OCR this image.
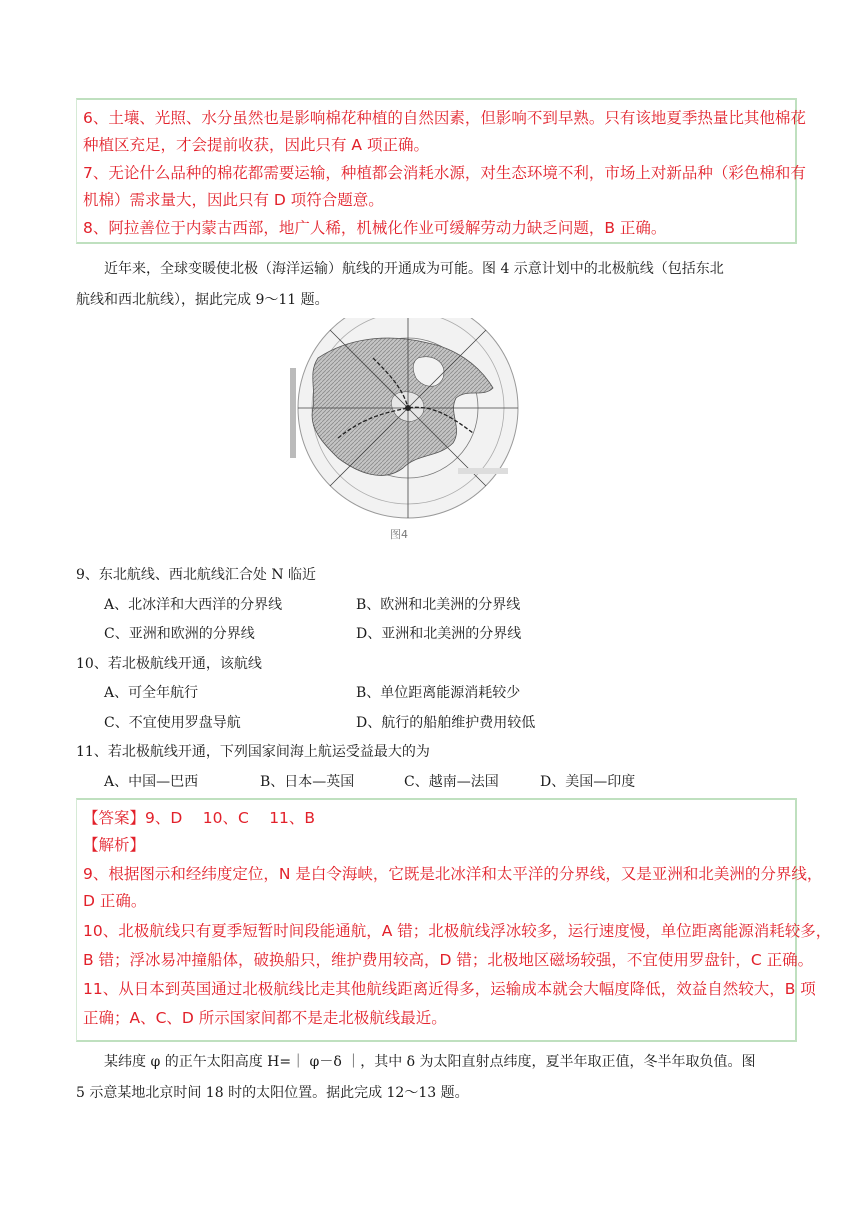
6、土壤、光照、水分虽然也是影响棉花种植的自然因素，但影响不到早熟。只有该地夏季热量比其他棉花
种植区充足，才会提前收获，因此只有 A 项正确。
7、无论什么品种的棉花都需要运输，种植都会消耗水源，对生态环境不利，市场上对新品种（彩色棉和有
机棉）需求量大，因此只有 D 项符合题意。
8、阿拉善位于内蒙古西部，地广人稀，机械化作业可缓解劳动力缺乏问题，B 正确。
近年来，全球变暖使北极（海洋运输）航线的开通成为可能。图 4 示意计划中的北极航线（包括东北
航线和西北航线），据此完成 9～11 题。
图4
9、东北航线、西北航线汇合处 N 临近
A、北冰洋和大西洋的分界线	B、欧洲和北美洲的分界线
C、亚洲和欧洲的分界线	D、亚洲和北美洲的分界线
10、若北极航线开通，该航线
A、可全年航行	B、单位距离能源消耗较少
C、不宜使用罗盘导航	D、航行的船舶维护费用较低
11、若北极航线开通，下列国家间海上航运受益最大的为
A、中国—巴西	B、日本—英国	C、越南—法国	D、美国—印度
【答案】9、D　 10、C　 11、B
【解析】
9、根据图示和经纬度定位，N 是白令海峡，它既是北冰洋和太平洋的分界线，又是亚洲和北美洲的分界线，
D 正确。
10、北极航线只有夏季短暂时间段能通航，A 错；北极航线浮冰较多，运行速度慢，单位距离能源消耗较多，
B 错；浮冰易冲撞船体，破换船只，维护费用较高，D 错；北极地区磁场较强，不宜使用罗盘针，C 正确。
11、从日本到英国通过北极航线比走其他航线距离近得多，运输成本就会大幅度降低，效益自然较大，B 项
正确；A、C、D 所示国家间都不是走北极航线最近。
某纬度 φ 的正午太阳高度 H=｜ φ－δ ｜，其中 δ 为太阳直射点纬度，夏半年取正值，冬半年取负值。图
5 示意某地北京时间 18 时的太阳位置。据此完成 12～13 题。
